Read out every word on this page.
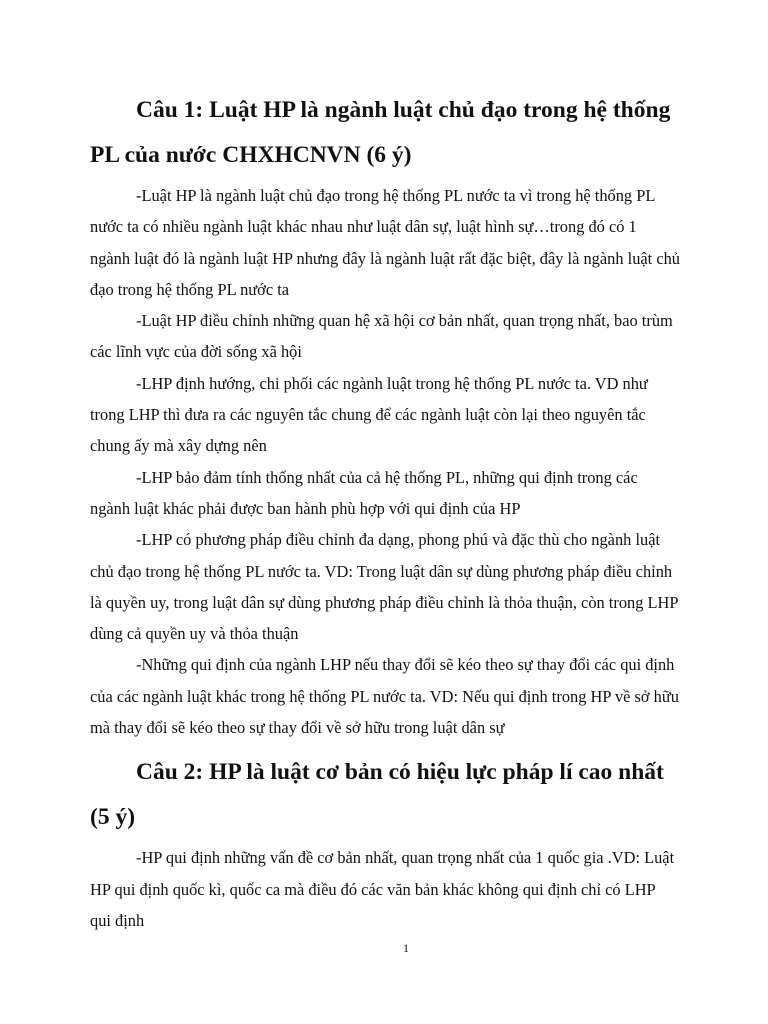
Câu 1: Luật HP là ngành luật chủ đạo trong hệ thống PL của nước CHXHCNVN (6 ý)

-Luật HP là ngành luật chủ đạo trong hệ thống PL nước ta vì trong hệ thống PL nước ta có nhiều ngành luật khác nhau như luật dân sự, luật hình sự…trong đó có 1 ngành luật đó là ngành luật HP nhưng đây là ngành luật rất đặc biệt, đây là ngành luật chủ đạo trong hệ thống PL nước ta

-Luật HP điều chỉnh những quan hệ xã hội cơ bản nhất, quan trọng nhất, bao trùm các lĩnh vực của đời sống xã hội

-LHP định hướng, chi phối các ngành luật trong hệ thống PL nước ta. VD như trong LHP thì đưa ra các nguyên tắc chung để các ngành luật còn lại theo nguyên tắc chung ấy mà xây dựng nên

-LHP bảo đảm tính thống nhất của cả hệ thống PL, những qui định trong các ngành luật khác phải được ban hành phù hợp với qui định của HP

-LHP có phương pháp điều chỉnh đa dạng, phong phú và đặc thù cho ngành luật chủ đạo trong hệ thống PL nước ta. VD: Trong luật dân sự dùng phương pháp điều chỉnh là quyền uy, trong luật dân sự dùng phương pháp điều chỉnh là thỏa thuận, còn trong LHP dùng cả quyền uy và thỏa thuận

-Những qui định của ngành LHP nếu thay đổi sẽ kéo theo sự thay đổi các qui định của các ngành luật khác trong hệ thống PL nước ta. VD: Nếu qui định trong HP về sở hữu mà thay đổi sẽ kéo theo sự thay đổi về sở hữu trong luật dân sự

Câu 2: HP là luật cơ bản có hiệu lực pháp lí cao nhất (5 ý)

-HP qui định những vấn đề cơ bản nhất, quan trọng nhất của 1 quốc gia .VD: Luật HP qui định quốc kì, quốc ca mà điều đó các văn bản khác không qui định chỉ có LHP qui định

1
